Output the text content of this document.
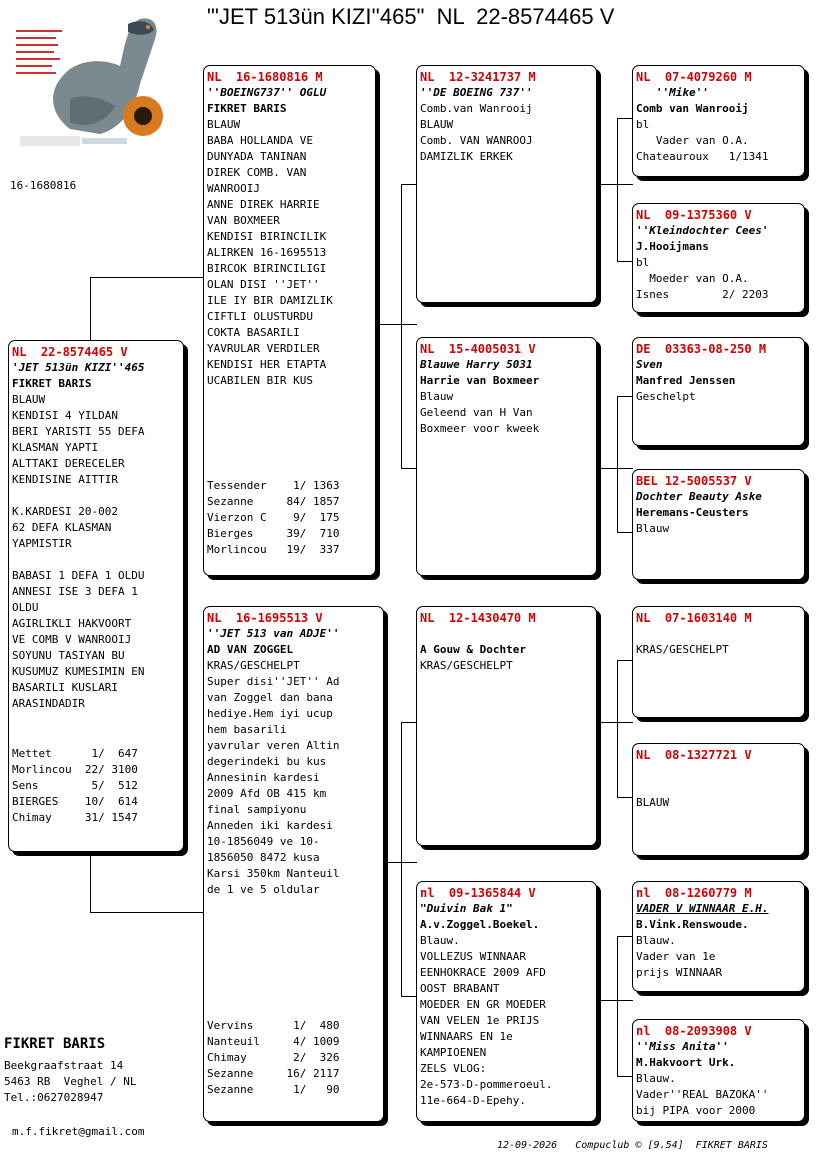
"'JET 513ün KIZI''465"  NL  22-8574465 V
16-1680816
NL  22-8574465 V
'JET 513ün KIZI''465
FIKRET BARIS
BLAUW
KENDISI 4 YILDAN
BERI YARISTI 55 DEFA
KLASMAN YAPTI
ALTTAKI DERECELER
KENDISINE AITTIR

K.KARDESI 20-002
62 DEFA KLASMAN
YAPMISTIR

BABASI 1 DEFA 1 OLDU
ANNESI ISE 3 DEFA 1
OLDU
AGIRLIKLI HAKVOORT
VE COMB V WANROOIJ
SOYUNU TASIYAN BU
KUSUMUZ KUMESIMIN EN
BASARILI KUSLARI
ARASINDADIR
Mettet      1/  647
Morlincou  22/ 3100
Sens        5/  512
BIERGES    10/  614
Chimay     31/ 1547
NL  16-1680816 M
''BOEING737'' OGLU
FIKRET BARIS
BLAUW
BABA HOLLANDA VE
DUNYADA TANINAN
DIREK COMB. VAN
WANROOIJ
ANNE DIREK HARRIE
VAN BOXMEER
KENDISI BIRINCILIK
ALIRKEN 16-1695513
BIRCOK BIRINCILIGI
OLAN DISI ''JET''
ILE IY BIR DAMIZLIK
CIFTLI OLUSTURDU
COKTA BASARILI
YAVRULAR VERDILER
KENDISI HER ETAPTA
UCABILEN BIR KUS
Tessender    1/ 1363
Sezanne     84/ 1857
Vierzon C    9/  175
Bierges     39/  710
Morlincou   19/  337
NL  16-1695513 V
''JET 513 van ADJE''
AD VAN ZOGGEL
KRAS/GESCHELPT
Super disi''JET'' Ad
van Zoggel dan bana
hediye.Hem iyi ucup
hem basarili
yavrular veren Altin
degerindeki bu kus
Annesinin kardesi
2009 Afd OB 415 km
final sampiyonu
Anneden iki kardesi
10-1856049 ve 10-
1856050 8472 kusa
Karsi 350km Nanteuil
de 1 ve 5 oldular
Vervins      1/  480
Nanteuil     4/ 1009
Chimay       2/  326
Sezanne     16/ 2117
Sezanne      1/   90
NL  12-3241737 M
''DE BOEING 737''
Comb.van Wanrooij
BLAUW
Comb. VAN WANROOJ
DAMIZLIK ERKEK
NL  15-4005031 V
Blauwe Harry 5031
Harrie van Boxmeer
Blauw
Geleend van H Van
Boxmeer voor kweek
NL  12-1430470 M

A Gouw & Dochter
KRAS/GESCHELPT
nl  09-1365844 V
"Duivin Bak 1"
A.v.Zoggel.Boekel.
Blauw.
VOLLEZUS WINNAAR
EENHOKRACE 2009 AFD
OOST BRABANT
MOEDER EN GR MOEDER
VAN VELEN 1e PRIJS
WINNAARS EN 1e
KAMPIOENEN
ZELS VLOG:
2e-573-D-pommeroeul.
11e-664-D-Epehy.
NL  07-4079260 M
''Mike''
Comb van Wanrooij
bl
Vader van O.A.
Chateauroux   1/1341
NL  09-1375360 V
''Kleindochter Cees'
J.Hooijmans
bl
Moeder van O.A.
Isnes        2/ 2203
DE  03363-08-250 M
Sven
Manfred Jenssen
Geschelpt
BEL 12-5005537 V
Dochter Beauty Aske
Heremans-Ceusters
Blauw
NL  07-1603140 M

KRAS/GESCHELPT
NL  08-1327721 V

BLAUW
nl  08-1260779 M
VADER V WINNAAR E.H.
B.Vink.Renswoude.
Blauw.
Vader van 1e
prijs WINNAAR
nl  08-2093908 V
''Miss Anita''
M.Hakvoort Urk.
Blauw.
Vader''REAL BAZOKA''
bij PIPA voor 2000
FIKRET BARIS
Beekgraafstraat 14
5463 RB  Veghel / NL
Tel.:0627028947
m.f.fikret@gmail.com
12-09-2026   Compuclub © [9.54]  FIKRET BARIS
